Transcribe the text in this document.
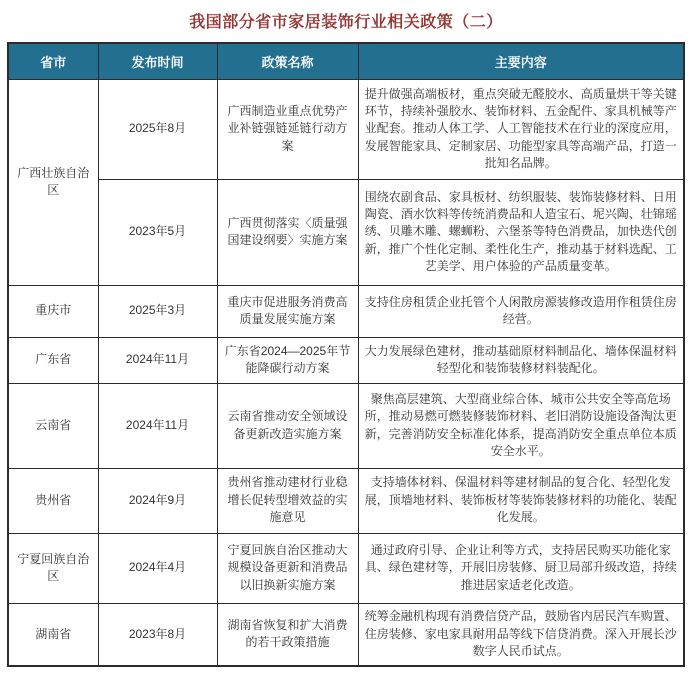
我国部分省市家居装饰行业相关政策（二）
省市	发布时间	政策名称	主要内容
广西壮族自治区	2025年8月	广西制造业重点优势产业补链强链延链行动方案	提升做强高端板材，重点突破无醛胶水、高质量烘干等关键环节，持续补强胶水、装饰材料、五金配件、家具机械等产业配套。推动人体工学、人工智能技术在行业的深度应用，发展智能家具、定制家居、功能型家具等高端产品，打造一批知名品牌。
	2023年5月	广西贯彻落实〈质量强国建设纲要〉实施方案	围绕农副食品、家具板材、纺织服装、装饰装修材料、日用陶瓷、酒水饮料等传统消费品和人造宝石、坭兴陶、壮锦瑶绣、贝雕木雕、螺蛳粉、六堡茶等特色消费品，加快迭代创新，推广个性化定制、柔性化生产，推动基于材料选配、工艺美学、用户体验的产品质量变革。
重庆市	2025年3月	重庆市促进服务消费高质量发展实施方案	支持住房租赁企业托管个人闲散房源装修改造用作租赁住房经营。
广东省	2024年11月	广东省2024—2025年节能降碳行动方案	大力发展绿色建材，推动基础原材料制品化、墙体保温材料轻型化和装饰装修材料装配化。
云南省	2024年11月	云南省推动安全领域设备更新改造实施方案	聚焦高层建筑、大型商业综合体、城市公共安全等高危场所，推动易燃可燃装修装饰材料、老旧消防设施设备淘汰更新，完善消防安全标准化体系，提高消防安全重点单位本质安全水平。
贵州省	2024年9月	贵州省推动建材行业稳增长促转型增效益的实施意见	支持墙体材料、保温材料等建材制品的复合化、轻型化发展，顶墙地材料、装饰板材等装饰装修材料的功能化、装配化发展。
宁夏回族自治区	2024年4月	宁夏回族自治区推动大规模设备更新和消费品以旧换新实施方案	通过政府引导、企业让利等方式，支持居民购买功能化家具、绿色建材等，开展旧房装修、厨卫局部升级改造，持续推进居家适老化改造。
湖南省	2023年8月	湖南省恢复和扩大消费的若干政策措施	统筹金融机构现有消费信贷产品，鼓励省内居民汽车购置、住房装修、家电家具耐用品等线下信贷消费。深入开展长沙数字人民币试点。
